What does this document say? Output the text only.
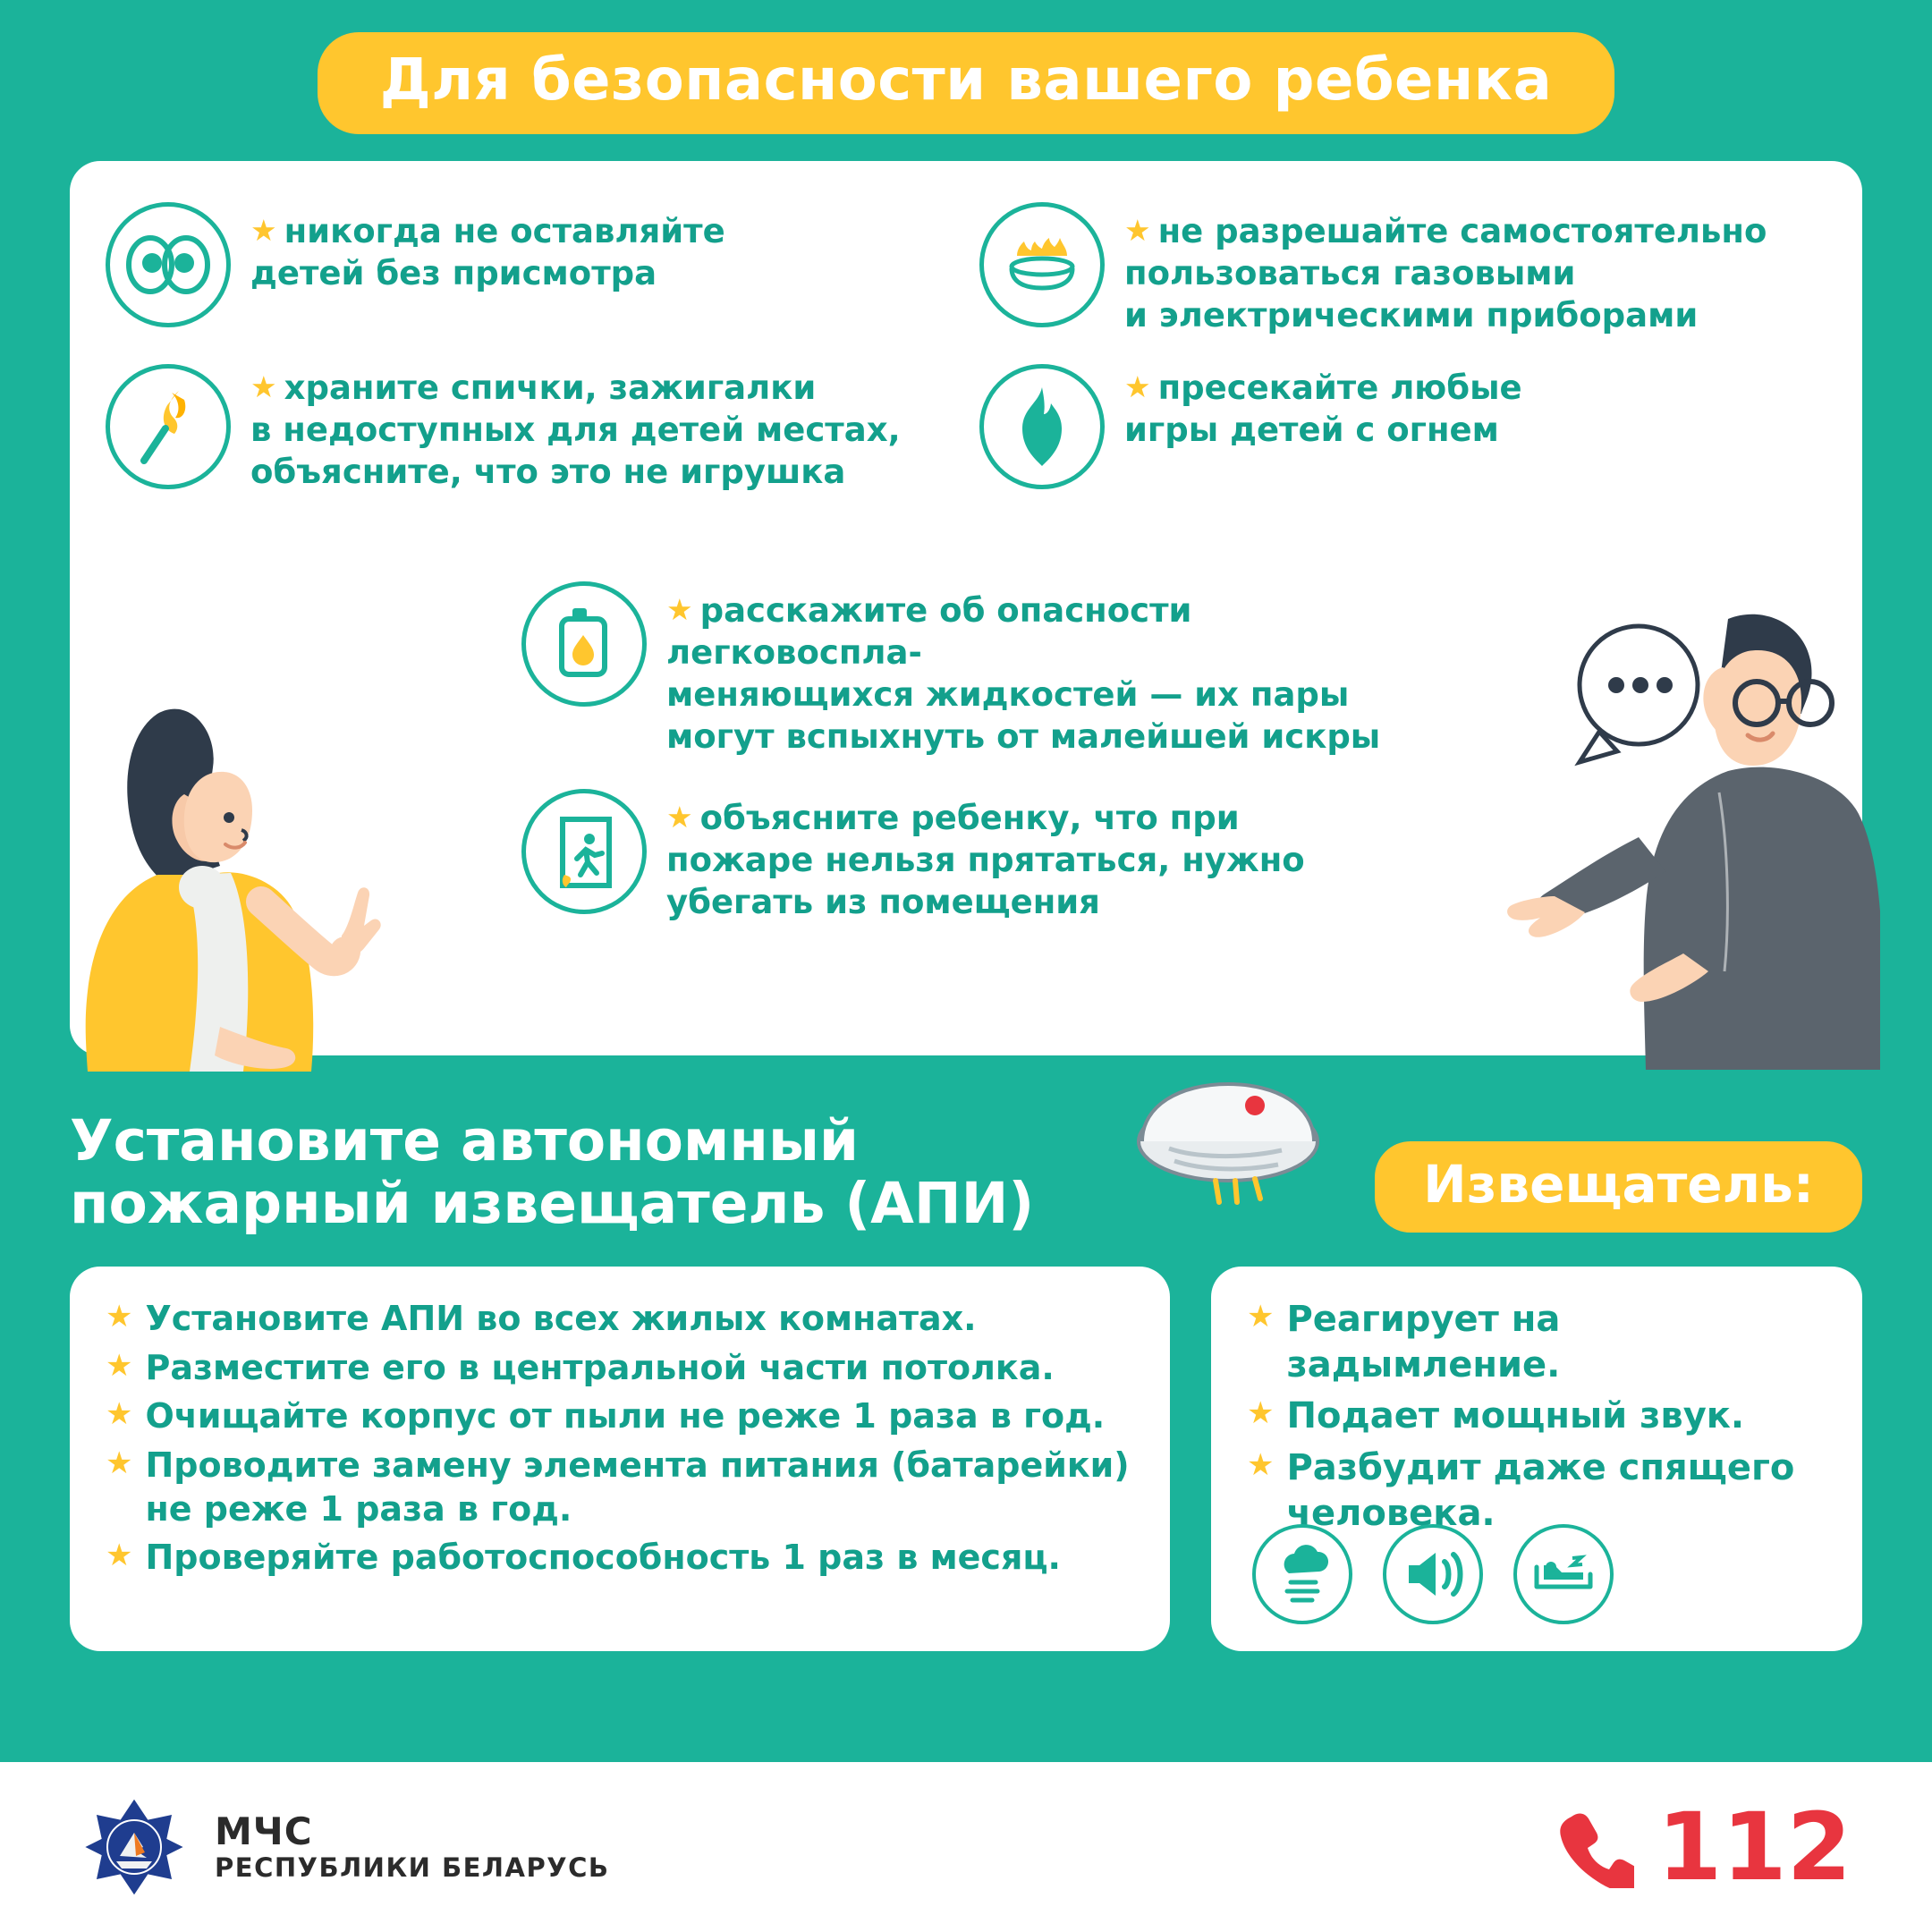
Для безопасности вашего ребенка
★ никогда не оставляйте
детей без присмотра
★ не разрешайте самостоятельно
пользоваться газовыми
и электрическими приборами
★ храните спички, зажигалки
в недоступных для детей местах,
объясните, что это не игрушка
★ пресекайте любые
игры детей с огнем
★ расскажите об опасности легковоспла-
меняющихся жидкостей — их пары
могут вспыхнуть от малейшей искры
★ объясните ребенку, что при
пожаре нельзя прятаться, нужно
убегать из помещения
Установите автономный
пожарный извещатель (АПИ)	Извещатель:
★ Установите АПИ во всех жилых комнатах.
★ Разместите его в центральной части потолка.
★ Очищайте корпус от пыли не реже 1 раза в год.
★ Проводите замену элемента питания (батарейки) не реже 1 раза в год.
★ Проверяйте работоспособность 1 раз в месяц.
★ Реагирует на задымление.
★ Подает мощный звук.
★ Разбудит даже спящего человека.
МЧС
РЕСПУБЛИКИ БЕЛАРУСЬ	112
